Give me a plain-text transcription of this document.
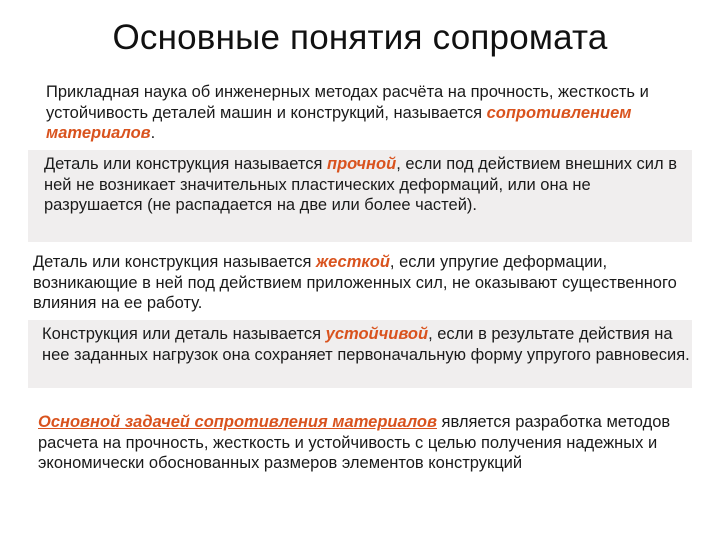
Основные понятия сопромата

Прикладная наука об инженерных методах расчёта на прочность, жесткость и устойчивость деталей машин и конструкций, называется сопротивлением материалов.

Деталь или конструкция называется прочной, если под действием внешних сил в ней не возникает значительных пластических деформаций, или она не разрушается (не распадается на две или более частей).

Деталь или конструкция называется жесткой, если упругие деформации, возникающие в ней под действием приложенных сил, не оказывают существенного влияния на ее работу.

Конструкция или деталь называется устойчивой, если в результате действия на нее заданных нагрузок она сохраняет первоначальную форму упругого равновесия.

Основной задачей сопротивления материалов является разработка методов расчета на прочность, жесткость и устойчивость с целью получения надежных и экономически обоснованных размеров элементов конструкций
